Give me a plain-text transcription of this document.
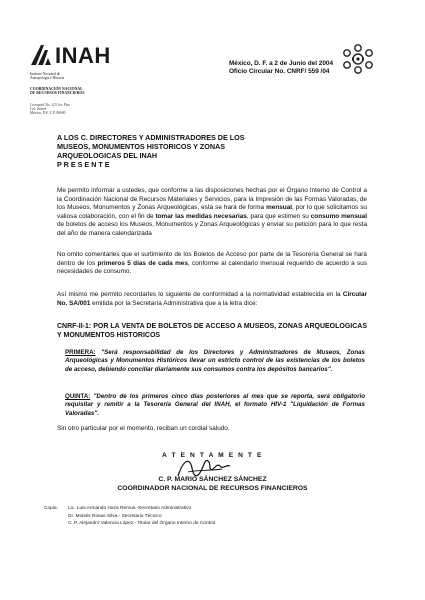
INAH
Instituto Nacional de
Antropología e Historia
COORDINACIÓN NACIONAL
DE RECURSOS FINANCIEROS
Liverpool No. 123 1er. Piso
Col. Juárez
México, D.F. C.P. 06600
México, D. F. a 2 de Junio del 2004
Oficio Circular No. CNRF/ 559 /04
A LOS C. DIRECTORES Y ADMINISTRADORES DE LOS
MUSEOS, MONUMENTOS HISTORICOS Y ZONAS
ARQUEOLOGICAS DEL INAH
P R E S E N T E
Me permito informar a ustedes, que conforme a las disposiciones hechas por el Órgano Interno de Control a la Coordinación Nacional de Recursos Materiales y Servicios, para la Impresión de las Formas Valoradas, de los Museos, Monumentos y Zonas Arqueológicas, esta se hará de forma mensual, por lo que solicitamos su valiosa colaboración, con el fin de tomar las medidas necesarias, para que estimen su consumo mensual de boletos de acceso los Museos, Monumentos y Zonas Arqueológicas y enviar su petición para lo que resta del año de manera calendarizada
No omito comentarles que el surtimiento de los Boletos de Acceso por parte de la Tesorería General se hará dentro de los primeros 5 días de cada mes, conforme al calendario mensual requerido de acuerdo a sus necesidades de consumo.
Así mismo me permito recordarles lo siguiente de conformidad a la normatividad establecida en la Circular No. SA/001 emitida por la Secretaría Administrativa que a la letra dice:
CNRF-II-1: POR LA VENTA DE BOLETOS DE ACCESO A MUSEOS, ZONAS ARQUEOLOGICAS Y MONUMENTOS HISTORICOS
PRIMERA: "Será responsabilidad de los Directores y Administradores de Museos, Zonas Arqueológicas y Monumentos Históricos llevar un estricto control de las existencias de los boletos de acceso, debiendo conciliar diariamente sus consumos contra los depósitos bancarios".
QUINTA: "Dentro de los primeros cinco días posteriores al mes que se reporta, será obligatorio requisitar y remitir a la Tesorería General del INAH, el formato HIV-1 "Liquidación de Formas Valoradas".
Sin otro particular por el momento, reciban un cordial saludo.
A T E N T A M E N T E
C. P. MARIO SÁNCHEZ SÁNCHEZ
COORDINADOR NACIONAL DE RECURSOS FINANCIEROS
Copia:	Lic. Luis Armando Haza Remus.-Secretario Administrativo
Dr. Moisés Rosas Silva.- Secretario Técnico
C .P. Alejandro Valencia López.- Titular del Órgano Interno de Control.
